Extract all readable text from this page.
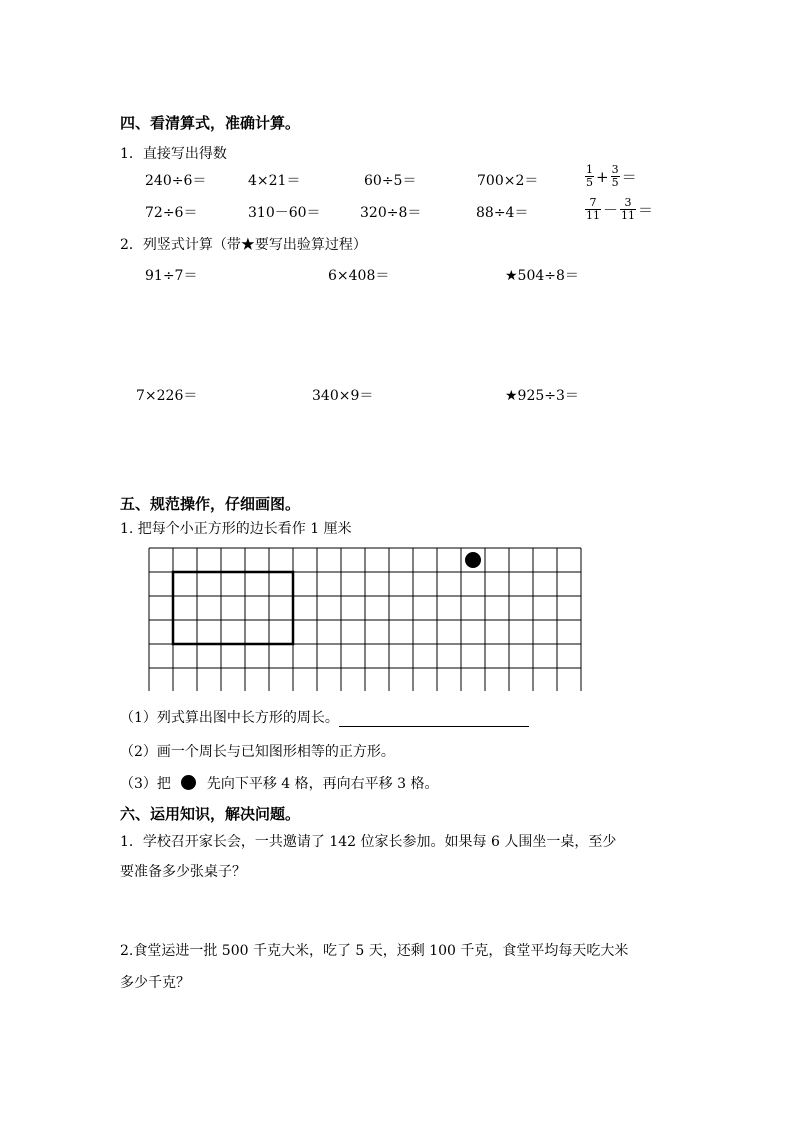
四、看清算式，准确计算。
1．直接写出得数
240÷6＝	4×21＝	60÷5＝	700×2＝	$\frac{1}{5} + \frac{3}{5}$ ＝
72÷6＝	310－60＝	320÷8＝	88÷4＝	$\frac{7}{11} - \frac{3}{11}$ ＝
2．列竖式计算（带★要写出验算过程）
91÷7＝	6×408＝	★504÷8＝
7×226＝	340×9＝	★925÷3＝
五、规范操作，仔细画图。
1. 把每个小正方形的边长看作 1 厘米
（1）列式算出图中长方形的周长。
（2）画一个周长与已知图形相等的正方形。
（3）把	先向下平移 4 格，再向右平移 3 格。
六、运用知识，解决问题。
1．学校召开家长会，一共邀请了 142 位家长参加。如果每 6 人围坐一桌，至少
要准备多少张桌子？
2.食堂运进一批 500 千克大米，吃了 5 天，还剩 100 千克，食堂平均每天吃大米
多少千克？
